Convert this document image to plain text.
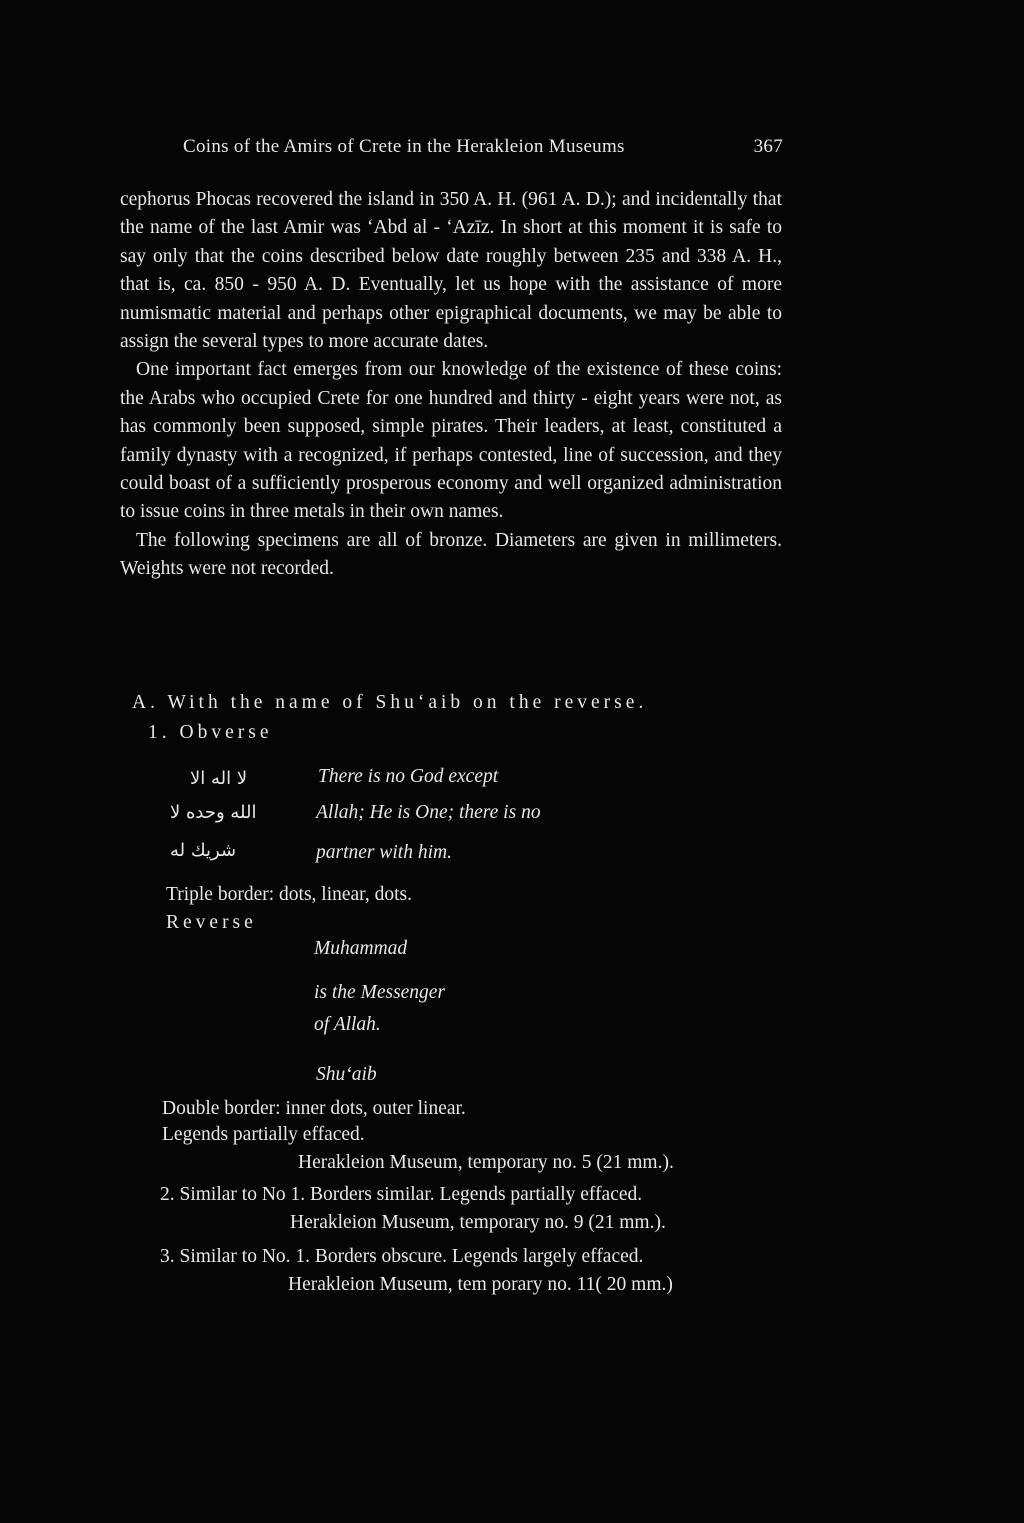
Coins of the Amirs of Crete in the Herakleion Museums	367

cephorus Phocas recovered the island in 350 A. H. (961 A. D.); and incidentally that the name of the last Amir was ‘Abd al - ‘Azīz. In short at this moment it is safe to say only that the coins described below date roughly between 235 and 338 A. H., that is, ca. 850 - 950 A. D. Eventually, let us hope with the assistance of more numismatic material and perhaps other epigraphical documents, we may be able to assign the several types to more accurate dates.

One important fact emerges from our knowledge of the existence of these coins: the Arabs who occupied Crete for one hundred and thirty - eight years were not, as has commonly been supposed, simple pirates. Their leaders, at least, constituted a family dynasty with a recognized, if perhaps contested, line of succession, and they could boast of a sufficiently prosperous economy and well organized administration to issue coins in three metals in their own names.

The following specimens are all of bronze. Diameters are given in millimeters. Weights were not recorded.

A. With the name of Shu‘aib on the reverse.
1. Obverse
لا اله الا
الله وحده لا
شريك له
There is no God except
Allah; He is One; there is no
partner with him.
Triple border: dots, linear, dots.
Reverse
Muhammad
is the Messenger
of Allah.
Shu‘aib
Double border: inner dots, outer linear.
Legends partially effaced.
Herakleion Museum, temporary no. 5 (21 mm.).
2. Similar to No 1. Borders similar. Legends partially effaced.
Herakleion Museum, temporary no. 9 (21 mm.).
3. Similar to No. 1. Borders obscure. Legends largely effaced.
Herakleion Museum, tem porary no. 11( 20 mm.)
